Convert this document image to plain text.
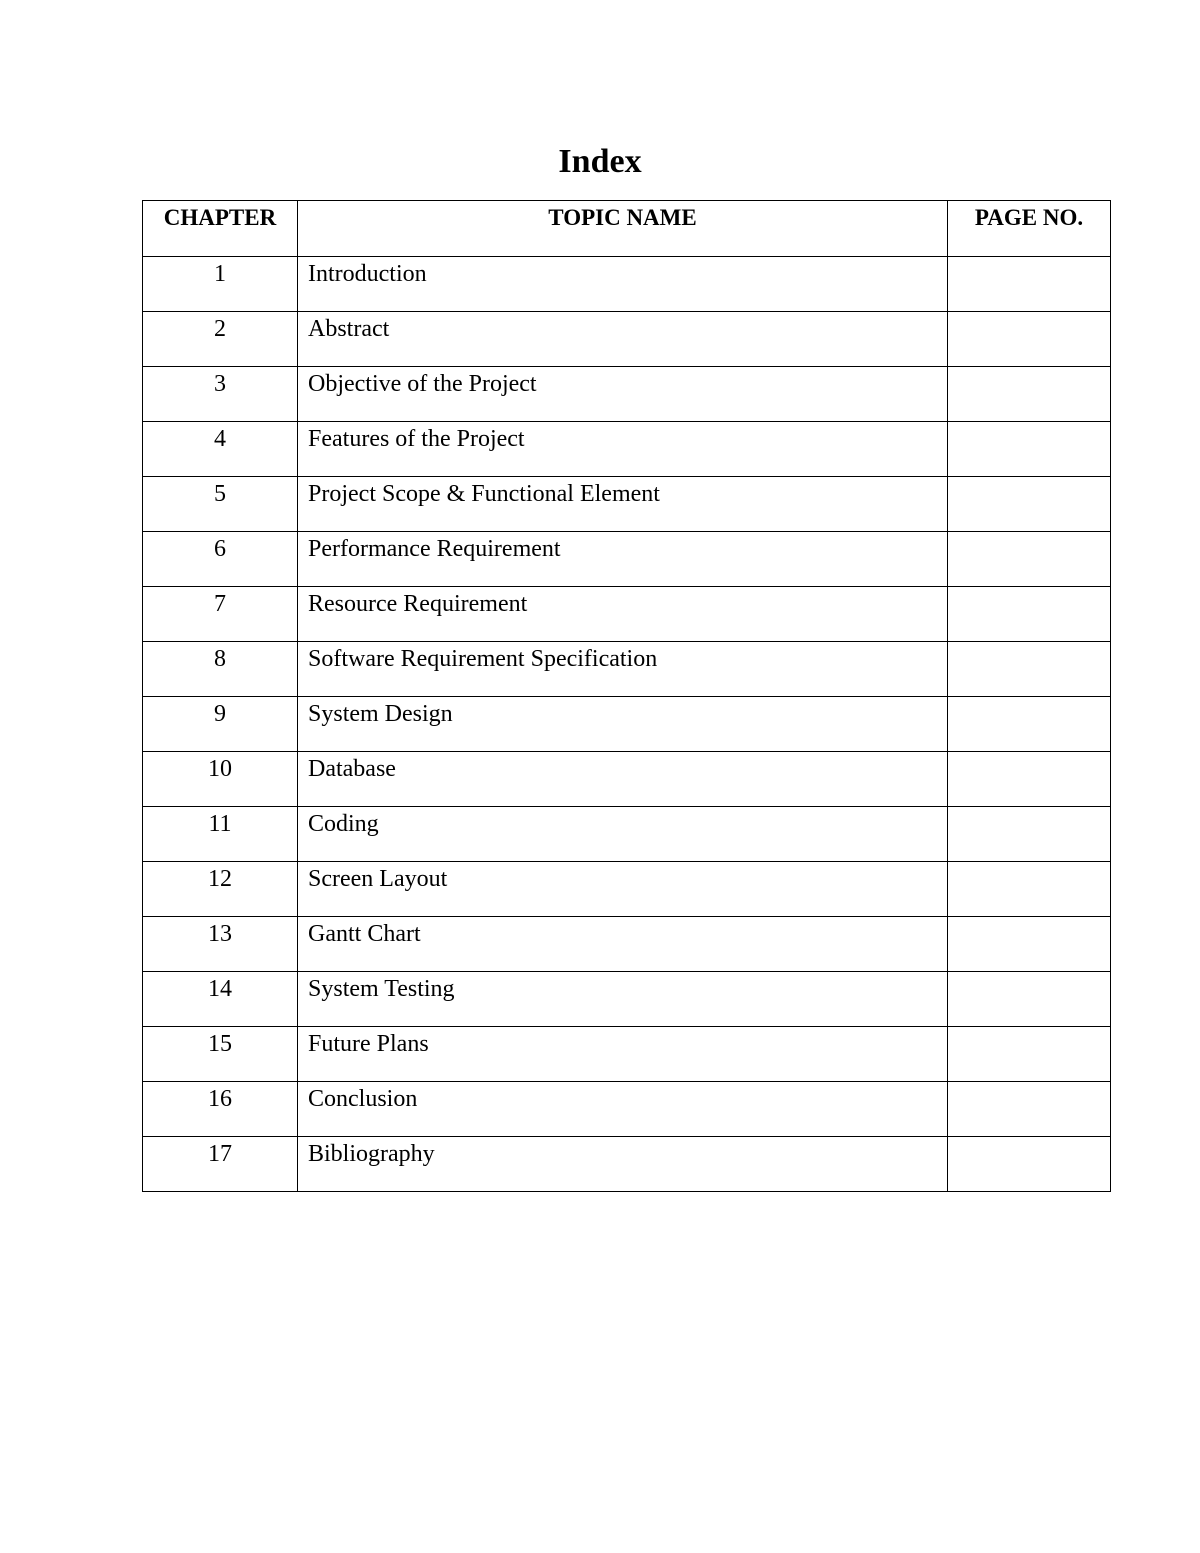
Index
CHAPTER	TOPIC NAME	PAGE NO.
1	Introduction	
2	Abstract	
3	Objective of the Project	
4	Features of the Project	
5	Project Scope & Functional Element	
6	Performance Requirement	
7	Resource Requirement	
8	Software Requirement Specification	
9	System Design	
10	Database	
11	Coding	
12	Screen Layout	
13	Gantt Chart	
14	System Testing	
15	Future Plans	
16	Conclusion	
17	Bibliography	
